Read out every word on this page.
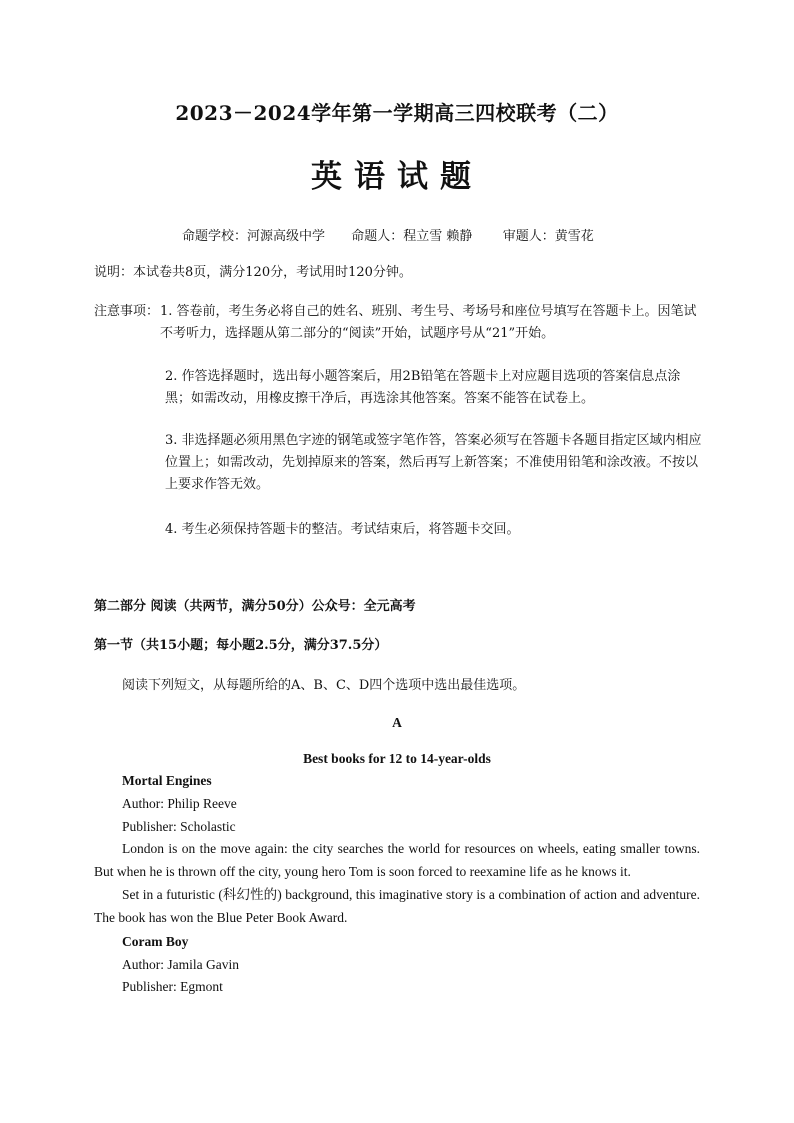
2023－2024学年第一学期高三四校联考（二）
英语试题
命题学校：河源高级中学 命题人：程立雪 赖静 审题人：黄雪花
说明：本试卷共8页，满分120分，考试用时120分钟。
注意事项： 1. 答卷前，考生务必将自己的姓名、班别、考生号、考场号和座位号填写在答题卡上。因笔试不考听力，选择题从第二部分的“阅读”开始，试题序号从“21”开始。
2. 作答选择题时，选出每小题答案后，用2B铅笔在答题卡上对应题目选项的答案信息点涂黑；如需改动，用橡皮擦干净后，再选涂其他答案。答案不能答在试卷上。
3. 非选择题必须用黑色字迹的钢笔或签字笔作答，答案必须写在答题卡各题目指定区域内相应位置上；如需改动，先划掉原来的答案，然后再写上新答案；不准使用铅笔和涂改液。不按以上要求作答无效。
4. 考生必须保持答题卡的整洁。考试结束后，将答题卡交回。
第二部分 阅读（共两节，满分50分）公众号：全元高考
第一节（共15小题；每小题2.5分，满分37.5分）
阅读下列短文，从每题所给的A、B、C、D四个选项中选出最佳选项。
A
Best books for 12 to 14-year-olds
Mortal Engines
Author: Philip Reeve
Publisher: Scholastic
London is on the move again: the city searches the world for resources on wheels, eating smaller towns. But when he is thrown off the city, young hero Tom is soon forced to reexamine life as he knows it.
Set in a futuristic (科幻性的) background, this imaginative story is a combination of action and adventure. The book has won the Blue Peter Book Award.
Coram Boy
Author: Jamila Gavin
Publisher: Egmont
